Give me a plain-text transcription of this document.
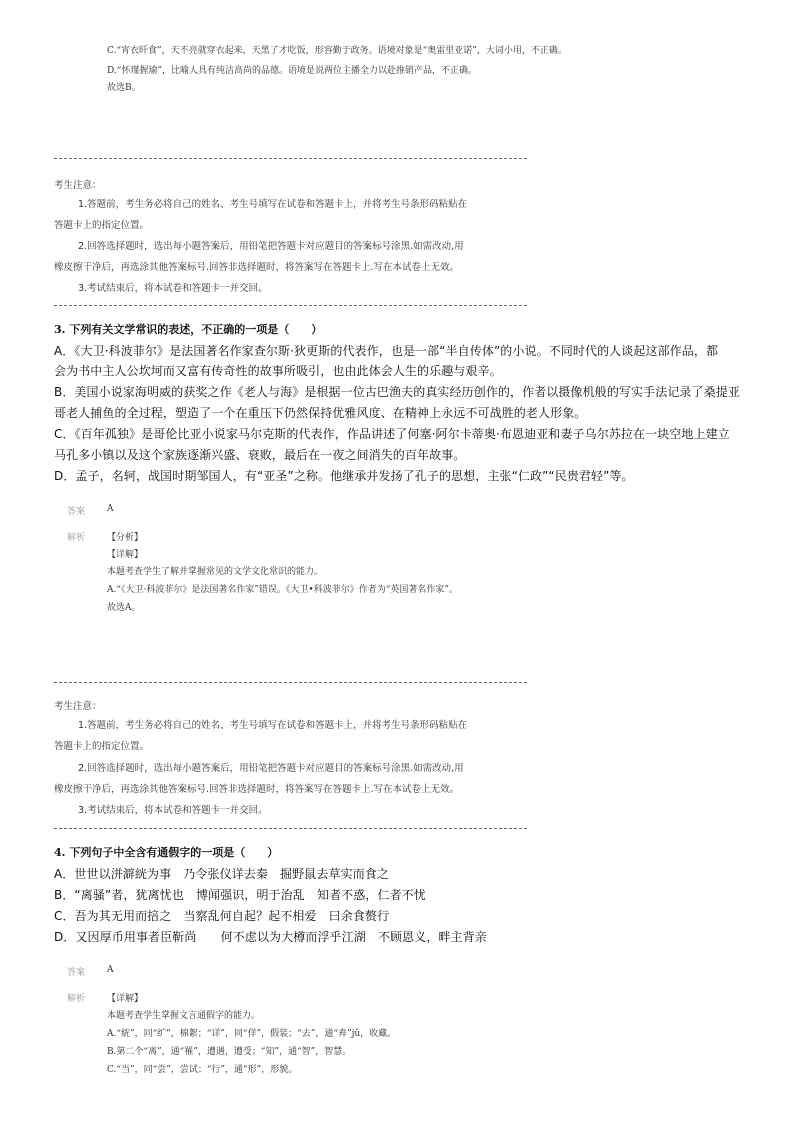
C.“宵衣旰食”，天不亮就穿衣起来，天黑了才吃饭，形容勤于政务。语境对象是“奥雷里亚诺”，大词小用，不正确。
D.“怀瑾握瑜”，比喻人具有纯洁高尚的品德。语境是说两位主播全力以赴推销产品，不正确。
故选B。
考生注意：
1.答题前，考生务必将自己的姓名、考生号填写在试卷和答题卡上，并将考生号条形码粘贴在
答题卡上的指定位置。
2.回答选择题时，选出每小题答案后，用铅笔把答题卡对应题目的答案标号涂黑.如需改动,用
橡皮擦干净后，再选涂其他答案标号.回答非选择题时，将答案写在答题卡上.写在本试卷上无效。
3.考试结束后，将本试卷和答题卡一并交回。
3. 下列有关文学常识的表述，不正确的一项是（　　）
A．《大卫·科波菲尔》是法国著名作家查尔斯·狄更斯的代表作，也是一部“半自传体”的小说。不同时代的人谈起这部作品，都
会为书中主人公坎坷而又富有传奇性的故事所吸引，也由此体会人生的乐趣与艰辛。
B．美国小说家海明威的获奖之作《老人与海》是根据一位古巴渔夫的真实经历创作的，作者以摄像机般的写实手法记录了桑提亚
哥老人捕鱼的全过程，塑造了一个在重压下仍然保持优雅风度、在精神上永远不可战胜的老人形象。
C．《百年孤独》是哥伦比亚小说家马尔克斯的代表作，作品讲述了何塞·阿尔卡蒂奥·布恩迪亚和妻子乌尔苏拉在一块空地上建立
马孔多小镇以及这个家族逐渐兴盛、衰败，最后在一夜之间消失的百年故事。
D．孟子，名轲，战国时期邹国人，有“亚圣”之称。他继承并发扬了孔子的思想，主张“仁政”“民贵君轻”等。
答案 A
解析 【分析】
【详解】
本题考查学生了解并掌握常见的文学文化常识的能力。
A.“《大卫·科波菲尔》是法国著名作家”错误。《大卫•科波菲尔》作者为“英国著名作家”。
故选A。
考生注意：
1.答题前，考生务必将自己的姓名、考生号填写在试卷和答题卡上，并将考生号条形码粘贴在
答题卡上的指定位置。
2.回答选择题时，选出每小题答案后，用铅笔把答题卡对应题目的答案标号涂黑.如需改动,用
橡皮擦干净后，再选涂其他答案标号.回答非选择题时，将答案写在答题卡上.写在本试卷上无效。
3.考试结束后，将本试卷和答题卡一并交回。
4. 下列句子中全含有通假字的一项是（　　）
A．世世以洴澼絖为事　乃令张仪详去秦　掘野鼠去草实而食之
B．“离骚”者，犹离忧也　博闻强识，明于治乱　知者不惑，仁者不忧
C．吾为其无用而掊之　当察乱何自起？起不相爱　曰余食赘行
D．又因厚币用事者臣靳尚　　何不虑以为大樽而浮乎江湖　不顾恩义，畔主背亲
答案 A
解析 【详解】
本题考查学生掌握文言通假字的能力。
A.“絖”，同“纩”，棉絮；“详”，同“佯”，假装；“去”，通“弆”jǔ，收藏。
B.第二个“离”，通“罹”，遭遇，遭受；“知”，通“智”，智慧。
C.“当”，同“尝”，尝试；“行”，通“形”，形貌。
